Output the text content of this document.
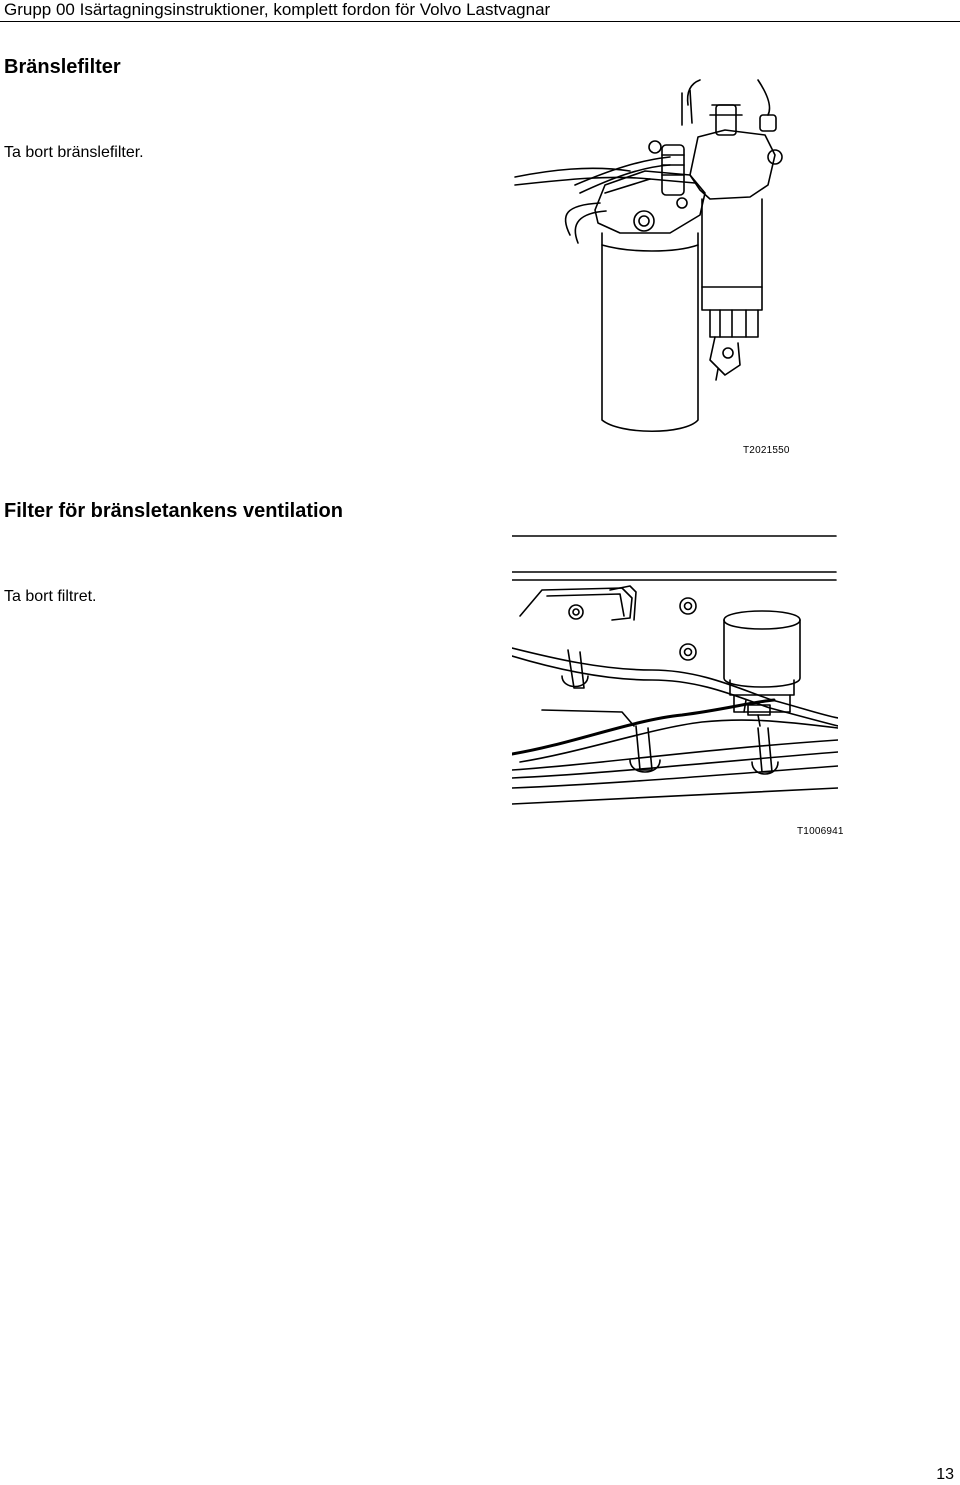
Grupp 00 Isärtagningsinstruktioner, komplett fordon för Volvo Lastvagnar
Bränslefilter

Ta bort bränslefilter.

T2021550
Filter för bränsletankens ventilation

Ta bort filtret.

T1006941
13
